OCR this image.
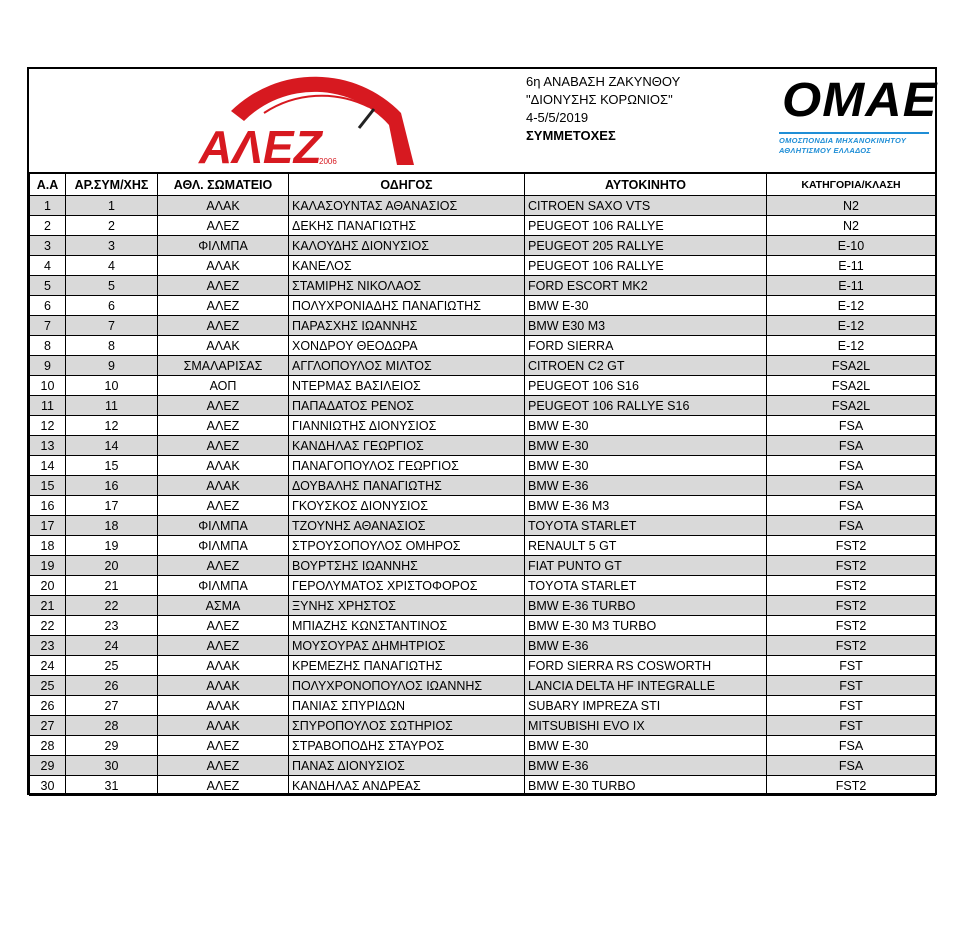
ΑΛΕΖ
2006
6η ΑΝΑΒΑΣΗ ΖΑΚΥΝΘΟΥ
"ΔΙΟΝΥΣΗΣ ΚΟΡΩΝΙΟΣ"
4-5/5/2019
ΣΥΜΜΕΤΟΧΕΣ
ΟΜΑΕ
ΟΜΟΣΠΟΝΔΙΑ ΜΗΧΑΝΟΚΙΝΗΤΟΥ ΑΘΛΗΤΙΣΜΟΥ ΕΛΛΑΔΟΣ
Α.Α	ΑΡ.ΣΥΜ/ΧΗΣ	ΑΘΛ. ΣΩΜΑΤΕΙΟ	ΟΔΗΓΟΣ	ΑΥΤΟΚΙΝΗΤΟ	ΚΑΤΗΓΟΡΙΑ/ΚΛΑΣΗ
1	1	ΑΛΑΚ	ΚΑΛΑΣΟΥΝΤΑΣ ΑΘΑΝΑΣΙΟΣ	CITROEN SAXO VTS	N2
2	2	ΑΛΕΖ	ΔΕΚΗΣ ΠΑΝΑΓΙΩΤΗΣ	PEUGEOT 106 RALLYE	N2
3	3	ΦΙΛΜΠΑ	ΚΑΛΟΥΔΗΣ ΔΙΟΝΥΣΙΟΣ	PEUGEOT 205 RALLYE	E-10
4	4	ΑΛΑΚ	ΚΑΝΕΛΟΣ	PEUGEOT 106 RALLYE	E-11
5	5	ΑΛΕΖ	ΣΤΑΜΙΡΗΣ ΝΙΚΟΛΑΟΣ	FORD ESCORT MK2	E-11
6	6	ΑΛΕΖ	ΠΟΛΥΧΡΟΝΙΑΔΗΣ ΠΑΝΑΓΙΩΤΗΣ	BMW E-30	E-12
7	7	ΑΛΕΖ	ΠΑΡΑΣΧΗΣ ΙΩΑΝΝΗΣ	BMW E30 M3	E-12
8	8	ΑΛΑΚ	ΧΟΝΔΡΟΥ ΘΕΟΔΩΡΑ	FORD SIERRA	E-12
9	9	ΣΜΑΛΑΡΙΣΑΣ	ΑΓΓΛΟΠΟΥΛΟΣ ΜΙΛΤΟΣ	CITROEN C2 GT	FSA2L
10	10	ΑΟΠ	ΝΤΕΡΜΑΣ ΒΑΣΙΛΕΙΟΣ	PEUGEOT 106 S16	FSA2L
11	11	ΑΛΕΖ	ΠΑΠΑΔΑΤΟΣ ΡΕΝΟΣ	PEUGEOT 106 RALLYE S16	FSA2L
12	12	ΑΛΕΖ	ΓΙΑΝΝΙΩΤΗΣ ΔΙΟΝΥΣΙΟΣ	BMW E-30	FSA
13	14	ΑΛΕΖ	ΚΑΝΔΗΛΑΣ ΓΕΩΡΓΙΟΣ	BMW E-30	FSA
14	15	ΑΛΑΚ	ΠΑΝΑΓΟΠΟΥΛΟΣ ΓΕΩΡΓΙΟΣ	BMW E-30	FSA
15	16	ΑΛΑΚ	ΔΟΥΒΑΛΗΣ ΠΑΝΑΓΙΩΤΗΣ	BMW E-36	FSA
16	17	ΑΛΕΖ	ΓΚΟΥΣΚΟΣ ΔΙΟΝΥΣΙΟΣ	BMW E-36 M3	FSA
17	18	ΦΙΛΜΠΑ	ΤΖΟΥΝΗΣ ΑΘΑΝΑΣΙΟΣ	TOYOTA STARLET	FSA
18	19	ΦΙΛΜΠΑ	ΣΤΡΟΥΣΟΠΟΥΛΟΣ ΟΜΗΡΟΣ	RENAULT 5 GT	FST2
19	20	ΑΛΕΖ	ΒΟΥΡΤΣΗΣ ΙΩΑΝΝΗΣ	FIAT PUNTO GT	FST2
20	21	ΦΙΛΜΠΑ	ΓΕΡΟΛΥΜΑΤΟΣ ΧΡΙΣΤΟΦΟΡΟΣ	TOYOTA STARLET	FST2
21	22	ΑΣΜΑ	ΞΥΝΗΣ ΧΡΗΣΤΟΣ	BMW E-36 TURBO	FST2
22	23	ΑΛΕΖ	ΜΠΙΑΖΗΣ ΚΩΝΣΤΑΝΤΙΝΟΣ	BMW E-30 M3 TURBO	FST2
23	24	ΑΛΕΖ	ΜΟΥΣΟΥΡΑΣ ΔΗΜΗΤΡΙΟΣ	BMW E-36	FST2
24	25	ΑΛΑΚ	ΚΡΕΜΕΖΗΣ ΠΑΝΑΓΙΩΤΗΣ	FORD SIERRA RS COSWORTH	FST
25	26	ΑΛΑΚ	ΠΟΛΥΧΡΟΝΟΠΟΥΛΟΣ ΙΩΑΝΝΗΣ	LANCIA DELTA HF INTEGRALLE	FST
26	27	ΑΛΑΚ	ΠΑΝΙΑΣ ΣΠΥΡΙΔΩΝ	SUBARY IMPREZA STI	FST
27	28	ΑΛΑΚ	ΣΠΥΡΟΠΟΥΛΟΣ ΣΩΤΗΡΙΟΣ	MITSUBISHI EVO IX	FST
28	29	ΑΛΕΖ	ΣΤΡΑΒΟΠΟΔΗΣ ΣΤΑΥΡΟΣ	BMW E-30	FSA
29	30	ΑΛΕΖ	ΠΑΝΑΣ ΔΙΟΝΥΣΙΟΣ	BMW E-36	FSA
30	31	ΑΛΕΖ	ΚΑΝΔΗΛΑΣ ΑΝΔΡΕΑΣ	BMW E-30 TURBO	FST2
